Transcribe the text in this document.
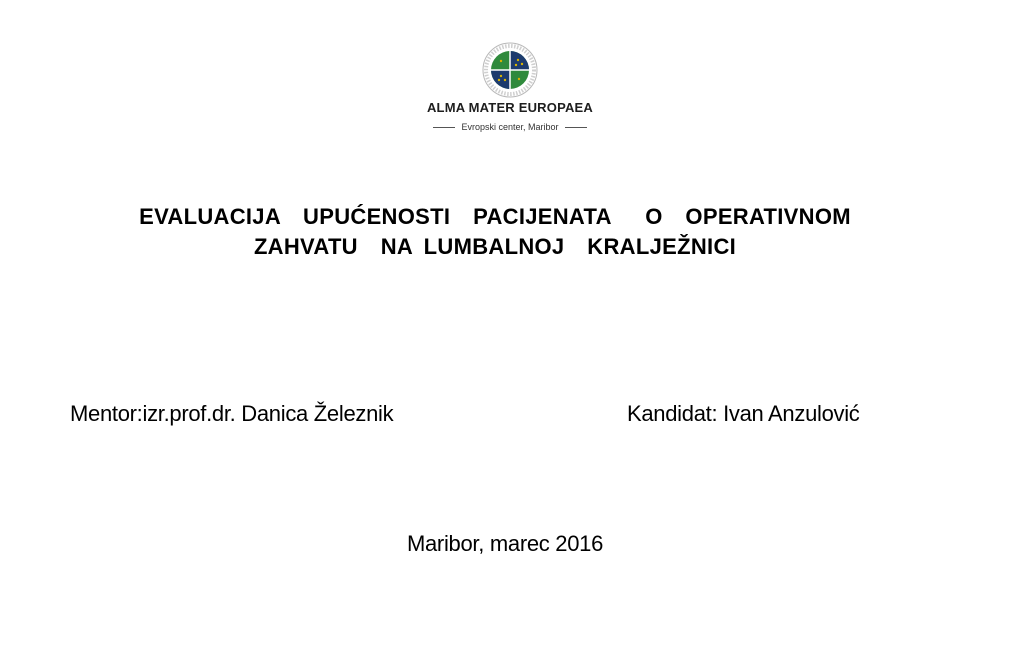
ALMA MATER EUROPAEA
Evropski center, Maribor
EVALUACIJA  UPUĆENOSTI  PACIJENATA   O  OPERATIVNOM
ZAHVATU  NA LUMBALNOJ  KRALJEŽNICI
Mentor:izr.prof.dr. Danica Železnik	Kandidat: Ivan Anzulović
Maribor, marec 2016
